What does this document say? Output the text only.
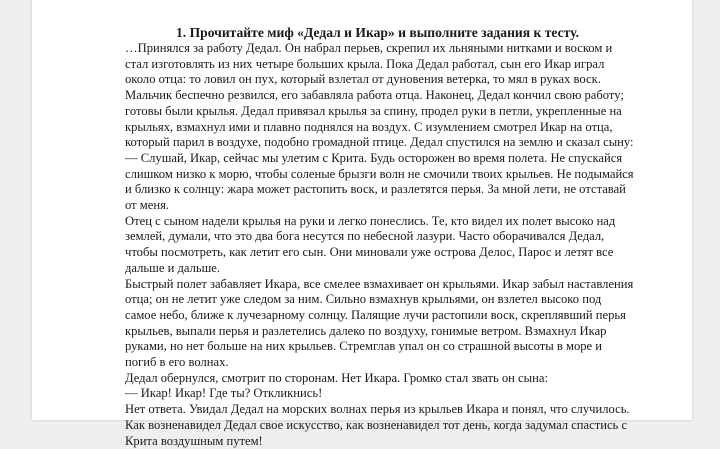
1. Прочитайте миф «Дедал и Икар» и выполните задания к тесту.
…Принялся за работу Дедал. Он набрал перьев, скрепил их льняными нитками и воском и
стал изготовлять из них четыре больших крыла. Пока Дедал работал, сын его Икар играл
около отца: то ловил он пух, который взлетал от дуновения ветерка, то мял в руках воск.
Мальчик беспечно резвился, его забавляла работа отца. Наконец, Дедал кончил свою работу;
готовы были крылья. Дедал привязал крылья за спину, продел руки в петли, укрепленные на
крыльях, взмахнул ими и плавно поднялся на воздух. С изумлением смотрел Икар на отца,
который парил в воздухе, подобно громадной птице. Дедал спустился на землю и сказал сыну:
— Слушай, Икар, сейчас мы улетим с Крита. Будь осторожен во время полета. Не спускайся
слишком низко к морю, чтобы соленые брызги волн не смочили твоих крыльев. Не подымайся
и близко к солнцу: жара может растопить воск, и разлетятся перья. За мной лети, не отставай
от меня.
Отец с сыном надели крылья на руки и легко понеслись. Те, кто видел их полет высоко над
землей, думали, что это два бога несутся по небесной лазури. Часто оборачивался Дедал,
чтобы посмотреть, как летит его сын. Они миновали уже острова Делос, Парос и летят все
дальше и дальше.
Быстрый полет забавляет Икара, все смелее взмахивает он крыльями. Икар забыл наставления
отца; он не летит уже следом за ним. Сильно взмахнув крыльями, он взлетел высоко под
самое небо, ближе к лучезарному солнцу. Палящие лучи растопили воск, скреплявший перья
крыльев, выпали перья и разлетелись далеко по воздуху, гонимые ветром. Взмахнул Икар
руками, но нет больше на них крыльев. Стремглав упал он со страшной высоты в море и
погиб в его волнах.
Дедал обернулся, смотрит по сторонам. Нет Икара. Громко стал звать он сына:
— Икар! Икар! Где ты? Откликнись!
Нет ответа. Увидал Дедал на морских волнах перья из крыльев Икара и понял, что случилось.
Как возненавидел Дедал свое искусство, как возненавидел тот день, когда задумал спастись с
Крита воздушным путем!
